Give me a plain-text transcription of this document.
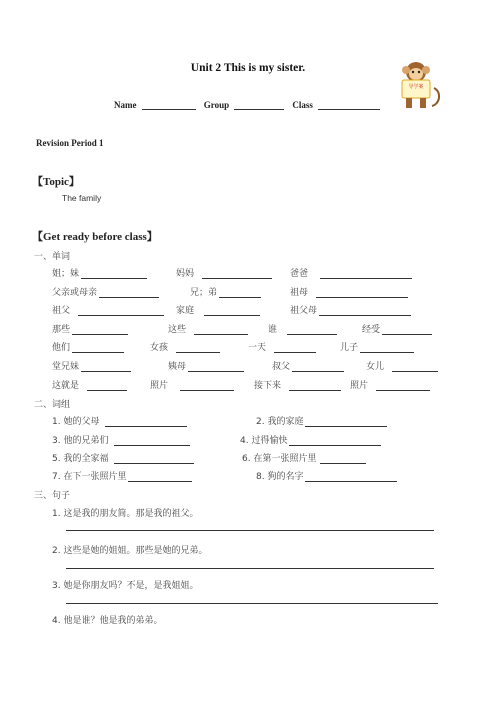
Unit 2 This is my sister.
导学案
Name	Group	Class
Revision Period 1
【Topic】
The family
【Get ready before class】
一、单词
姐；妹	妈妈	爸爸
父亲或母亲	兄；弟	祖母
祖父	家庭	祖父母
那些	这些	谁	经受
他们	女孩	一天	儿子
堂兄妹	姨母	叔父	女儿
这就是	照片	接下来	照片
二、词组
1. 她的父母	2. 我的家庭
3. 他的兄弟们	4. 过得愉快
5. 我的全家福	6. 在第一张照片里
7. 在下一张照片里	8. 狗的名字
三、句子
1. 这是我的朋友简。那是我的祖父。
2. 这些是她的姐姐。那些是她的兄弟。
3. 她是你朋友吗？不是，是我姐姐。
4. 他是谁？他是我的弟弟。
